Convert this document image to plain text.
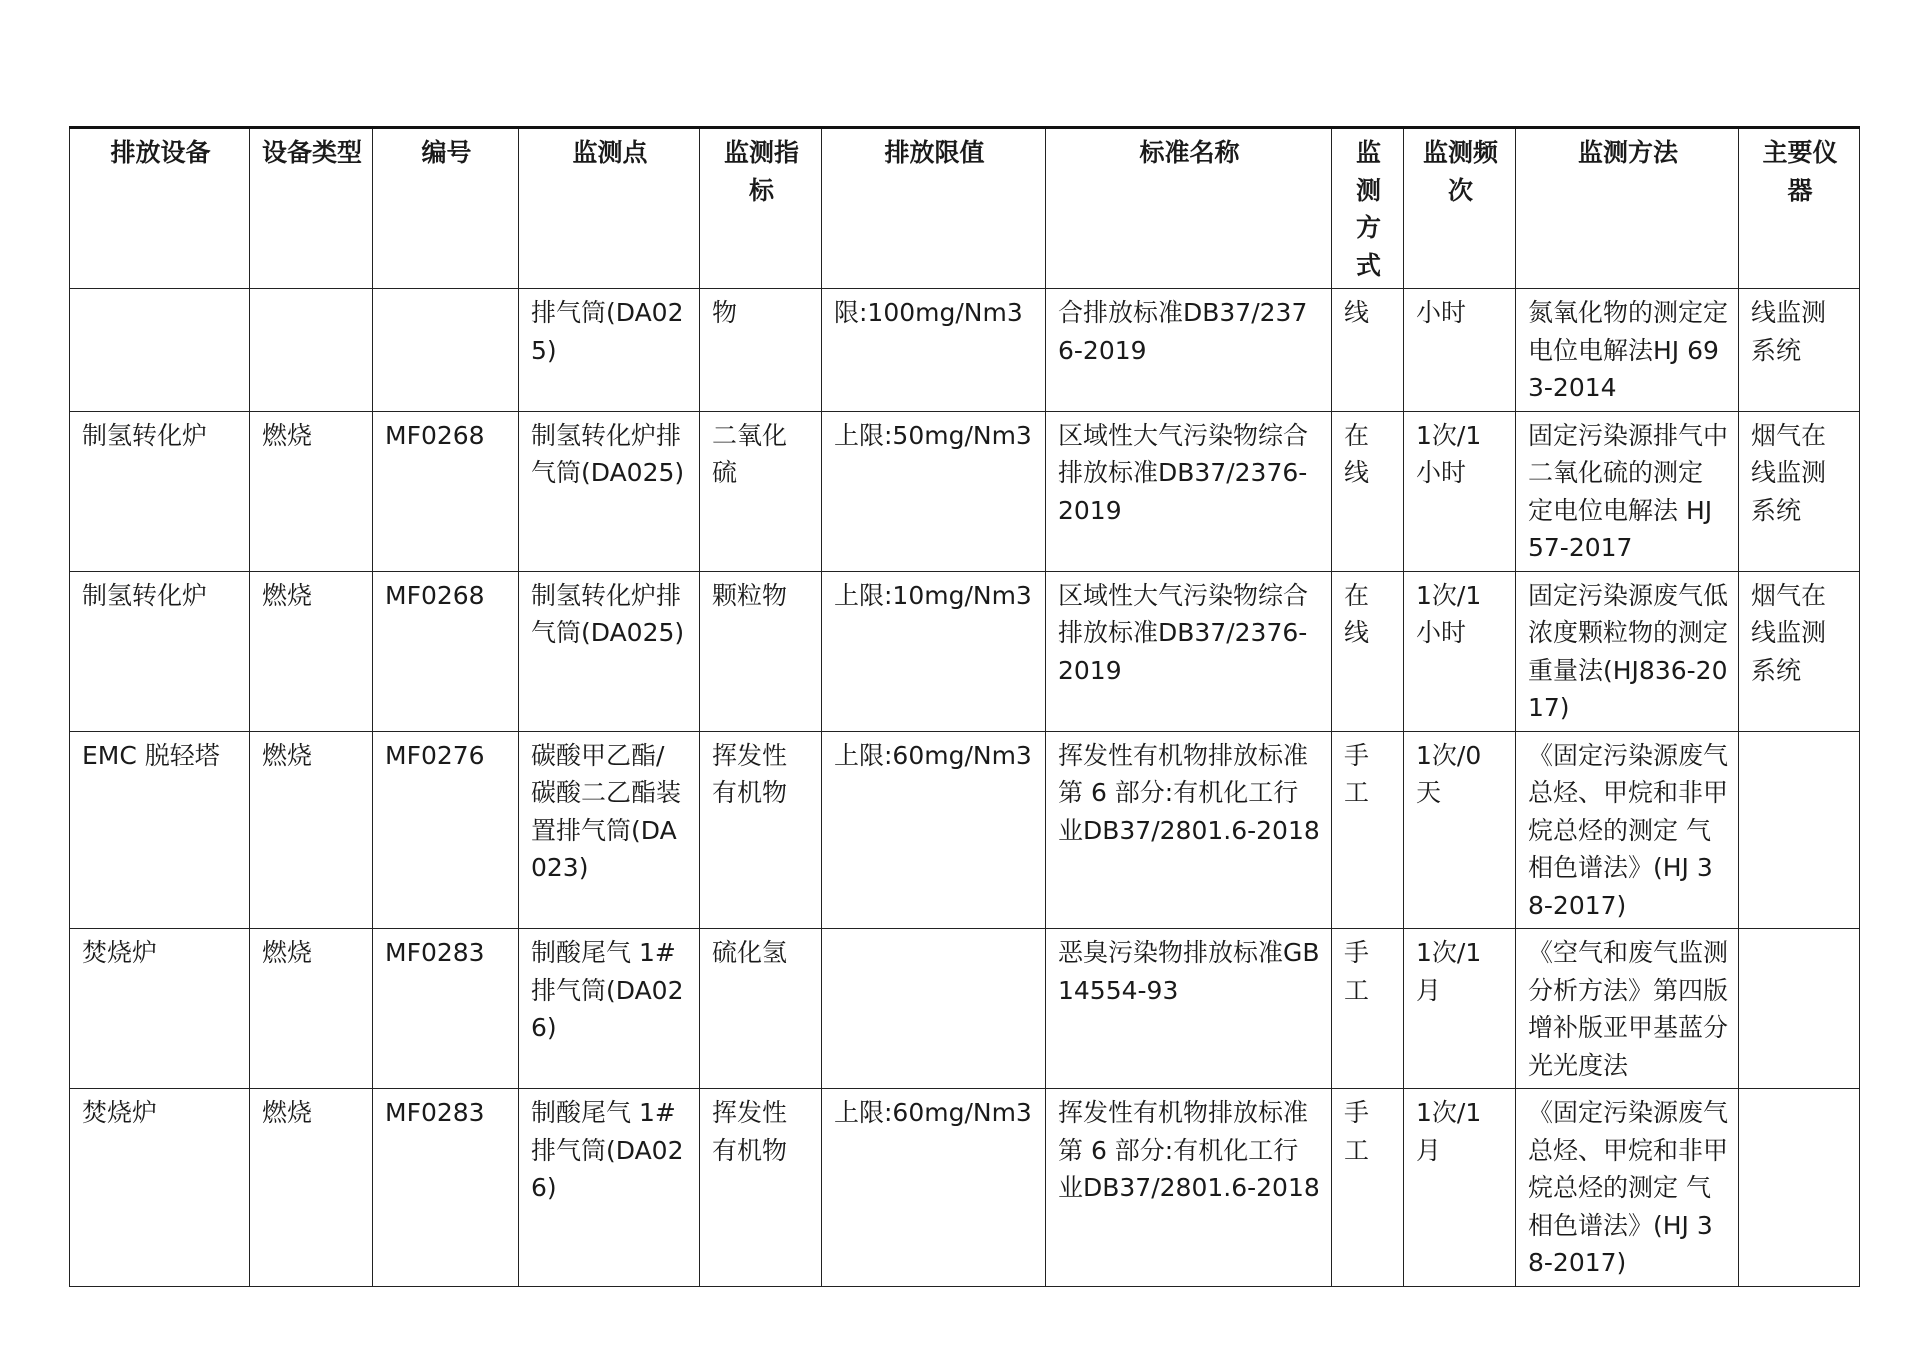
排放设备	设备类型	编号	监测点	监测指标	排放限值	标准名称	监测方式	监测频次	监测方法	主要仪器
			排气筒(DA025)	物	限:100mg/Nm3	合排放标准DB37/2376-2019	线	小时	氮氧化物的测定定电位电解法HJ 693-2014	线监测系统
制氢转化炉	燃烧	MF0268	制氢转化炉排气筒(DA025)	二氧化硫	上限:50mg/Nm3	区域性大气污染物综合排放标准DB37/2376-2019	在线	1次/1小时	固定污染源排气中二氧化硫的测定 定电位电解法 HJ 57-2017	烟气在线监测系统
制氢转化炉	燃烧	MF0268	制氢转化炉排气筒(DA025)	颗粒物	上限:10mg/Nm3	区域性大气污染物综合排放标准DB37/2376-2019	在线	1次/1小时	固定污染源废气低浓度颗粒物的测定 重量法(HJ836-2017)	烟气在线监测系统
EMC 脱轻塔	燃烧	MF0276	碳酸甲乙酯/碳酸二乙酯装置排气筒(DA023)	挥发性有机物	上限:60mg/Nm3	挥发性有机物排放标准第 6 部分:有机化工行业DB37/2801.6-2018	手工	1次/0天	《固定污染源废气 总烃、甲烷和非甲烷总烃的测定 气相色谱法》(HJ 38-2017)	
焚烧炉	燃烧	MF0283	制酸尾气 1#排气筒(DA026)	硫化氢		恶臭污染物排放标准GB 14554-93	手工	1次/1月	《空气和废气监测分析方法》第四版增补版亚甲基蓝分光光度法	
焚烧炉	燃烧	MF0283	制酸尾气 1#排气筒(DA026)	挥发性有机物	上限:60mg/Nm3	挥发性有机物排放标准第 6 部分:有机化工行业DB37/2801.6-2018	手工	1次/1月	《固定污染源废气 总烃、甲烷和非甲烷总烃的测定 气相色谱法》(HJ 38-2017)	
